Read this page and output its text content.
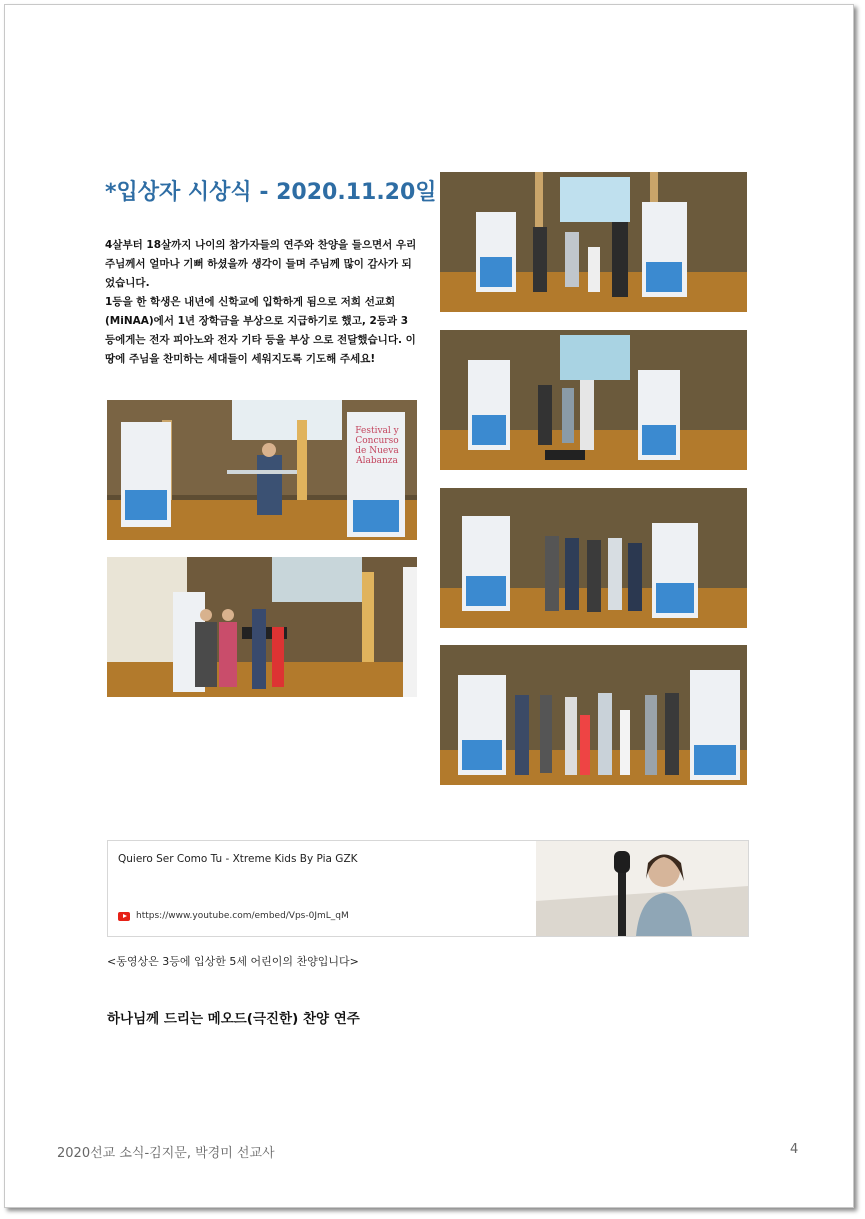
*입상자 시상식 - 2020.11.20일
4살부터 18살까지 나이의 참가자들의 연주와 찬양을 들으면서 우리 주님께서 얼마나 기뻐 하셨을까 생각이 들며 주님께 많이 감사가 되었습니다.
1등을 한 학생은 내년에 신학교에 입학하게 됨으로 저희 선교회(MiNAA)에서 1년 장학금을 부상으로 지급하기로 했고, 2등과 3등에게는 전자 피아노와 전자 기타 등을 부상 으로 전달했습니다. 이 땅에 주님을 찬미하는 세대들이 세워지도록 기도해 주세요!
Festival y Concurso de Nueva Alabanza
Quiero Ser Como Tu - Xtreme Kids By Pia GZK
https://www.youtube.com/embed/Vps-0JmL_qM
<동영상은 3등에 입상한 5세 어린이의 찬양입니다>
하나님께 드리는 메오드(극진한) 찬양 연주
2020선교 소식-김지문, 박경미 선교사	4
